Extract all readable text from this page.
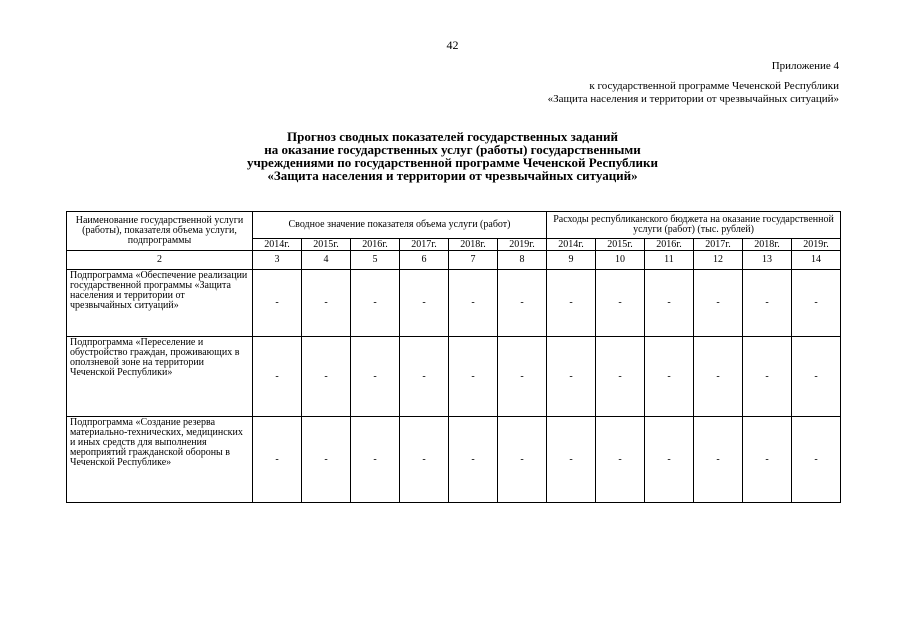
42
Приложение 4
к государственной программе Чеченской Республики
«Защита населения и территории от чрезвычайных ситуаций»
Прогноз сводных показателей государственных заданий
на оказание государственных услуг (работы) государственными
учреждениями по государственной программе Чеченской Республики
«Защита населения и территории от чрезвычайных ситуаций»
Наименование государственной услуги (работы), показателя объема услуги, подпрограммы	Сводное значение показателя объема услуги (работ)						Расходы республиканского бюджета на оказание государственной услуги (работ) (тыс. рублей)					
	2014г.	2015г.	2016г.	2017г.	2018г.	2019г.	2014г.	2015г.	2016г.	2017г.	2018г.	2019г.
2	3	4	5	6	7	8	9	10	11	12	13	14
Подпрограмма «Обеспечение реализации государственной программы «Защита населения и территории от чрезвычайных ситуаций»	-	-	-	-	-	-	-	-	-	-	-	-
Подпрограмма «Переселение и обустройство граждан, проживающих в оползневой зоне на территории Чеченской Республики»	-	-	-	-	-	-	-	-	-	-	-	-
Подпрограмма «Создание резерва материально-технических, медицинских и иных средств для выполнения мероприятий гражданской обороны в Чеченской Республике»	-	-	-	-	-	-	-	-	-	-	-	-
